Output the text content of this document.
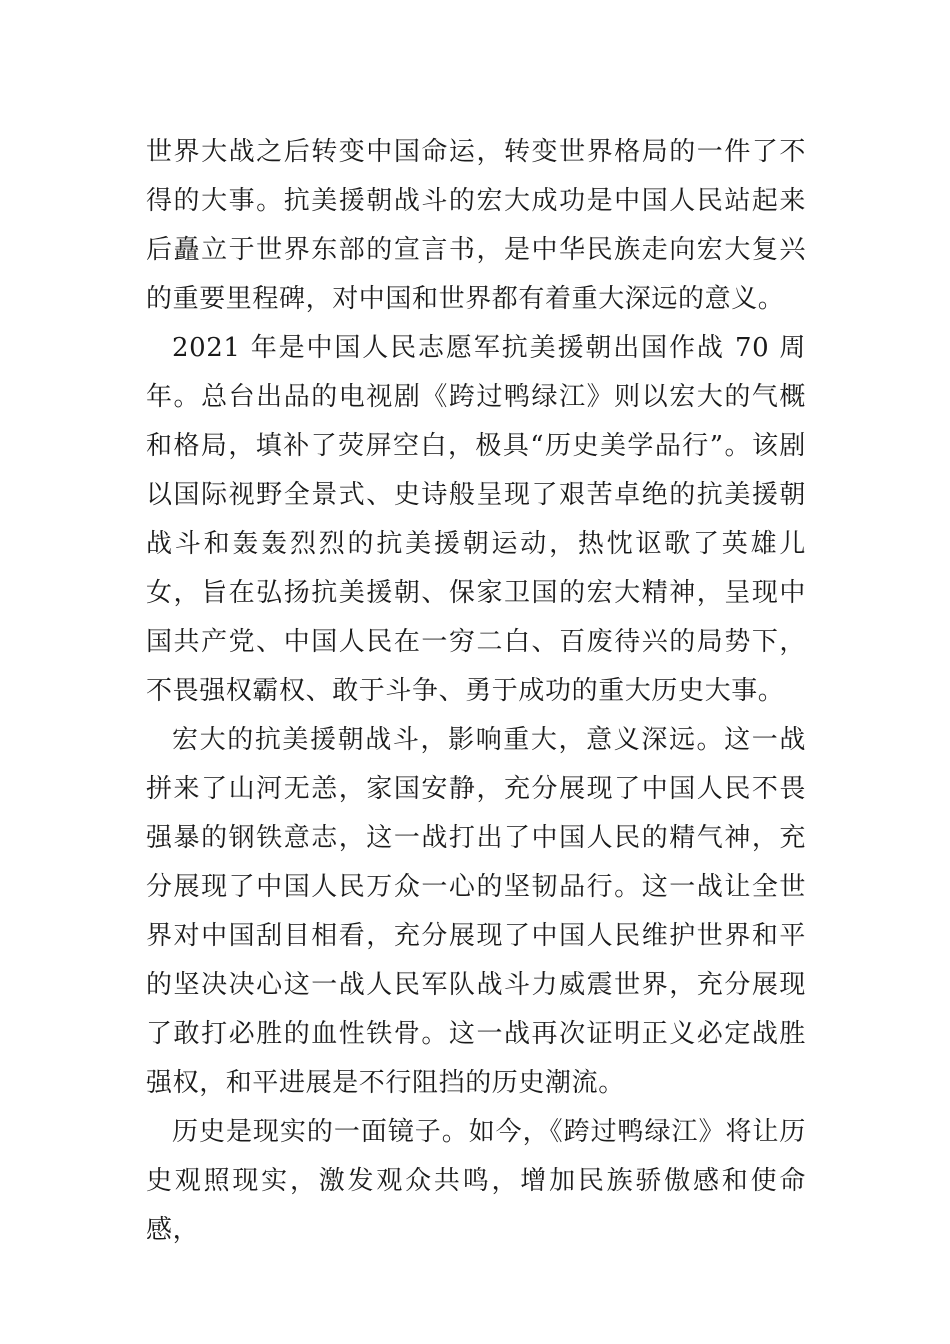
世界大战之后转变中国命运，转变世界格局的一件了不得的大事。抗美援朝战斗的宏大成功是中国人民站起来后矗立于世界东部的宣言书，是中华民族走向宏大复兴的重要里程碑，对中国和世界都有着重大深远的意义。

2021 年是中国人民志愿军抗美援朝出国作战 70 周年。总台出品的电视剧《跨过鸭绿江》则以宏大的气概和格局，填补了荧屏空白，极具“历史美学品行”。该剧以国际视野全景式、史诗般呈现了艰苦卓绝的抗美援朝战斗和轰轰烈烈的抗美援朝运动，热忱讴歌了英雄儿女，旨在弘扬抗美援朝、保家卫国的宏大精神，呈现中国共产党、中国人民在一穷二白、百废待兴的局势下，不畏强权霸权、敢于斗争、勇于成功的重大历史大事。

宏大的抗美援朝战斗，影响重大，意义深远。这一战拼来了山河无恙，家国安静，充分展现了中国人民不畏强暴的钢铁意志，这一战打出了中国人民的精气神，充分展现了中国人民万众一心的坚韧品行。这一战让全世界对中国刮目相看，充分展现了中国人民维护世界和平的坚决决心这一战人民军队战斗力威震世界，充分展现了敢打必胜的血性铁骨。这一战再次证明正义必定战胜强权，和平进展是不行阻挡的历史潮流。

历史是现实的一面镜子。如今，《跨过鸭绿江》将让历史观照现实，激发观众共鸣，增加民族骄傲感和使命感，
